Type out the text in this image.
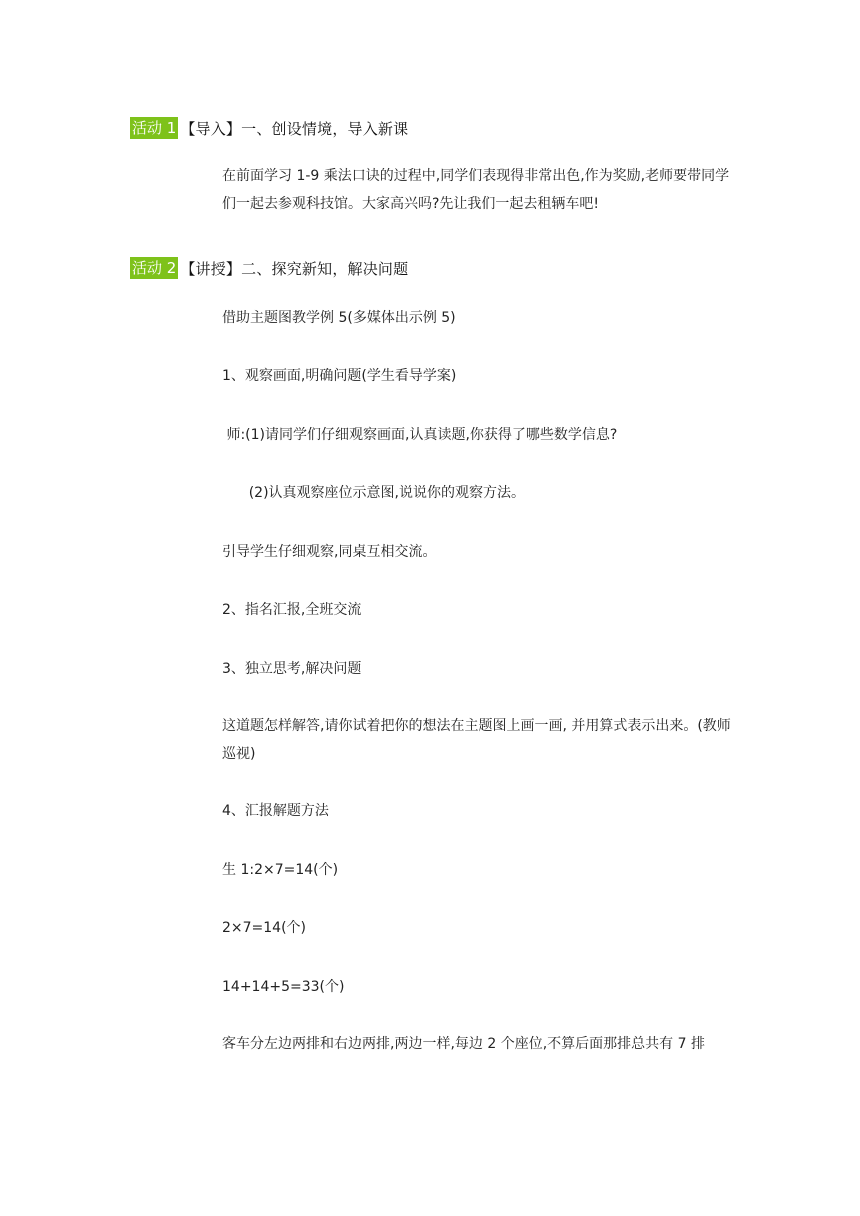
活动 1 【导入】一、创设情境，导入新课

在前面学习 1-9 乘法口诀的过程中,同学们表现得非常出色,作为奖励,老师要带同学们一起去参观科技馆。大家高兴吗?先让我们一起去租辆车吧!

活动 2 【讲授】二、探究新知，解决问题

借助主题图教学例 5(多媒体出示例 5)

1、观察画面,明确问题(学生看导学案)

师:(1)请同学们仔细观察画面,认真读题,你获得了哪些数学信息?

(2)认真观察座位示意图,说说你的观察方法。

引导学生仔细观察,同桌互相交流。

2、指名汇报,全班交流

3、独立思考,解决问题

这道题怎样解答,请你试着把你的想法在主题图上画一画, 并用算式表示出来。(教师巡视)

4、汇报解题方法

生 1:2×7=14(个)

2×7=14(个)

14+14+5=33(个)

客车分左边两排和右边两排,两边一样,每边 2 个座位,不算后面那排总共有 7 排
